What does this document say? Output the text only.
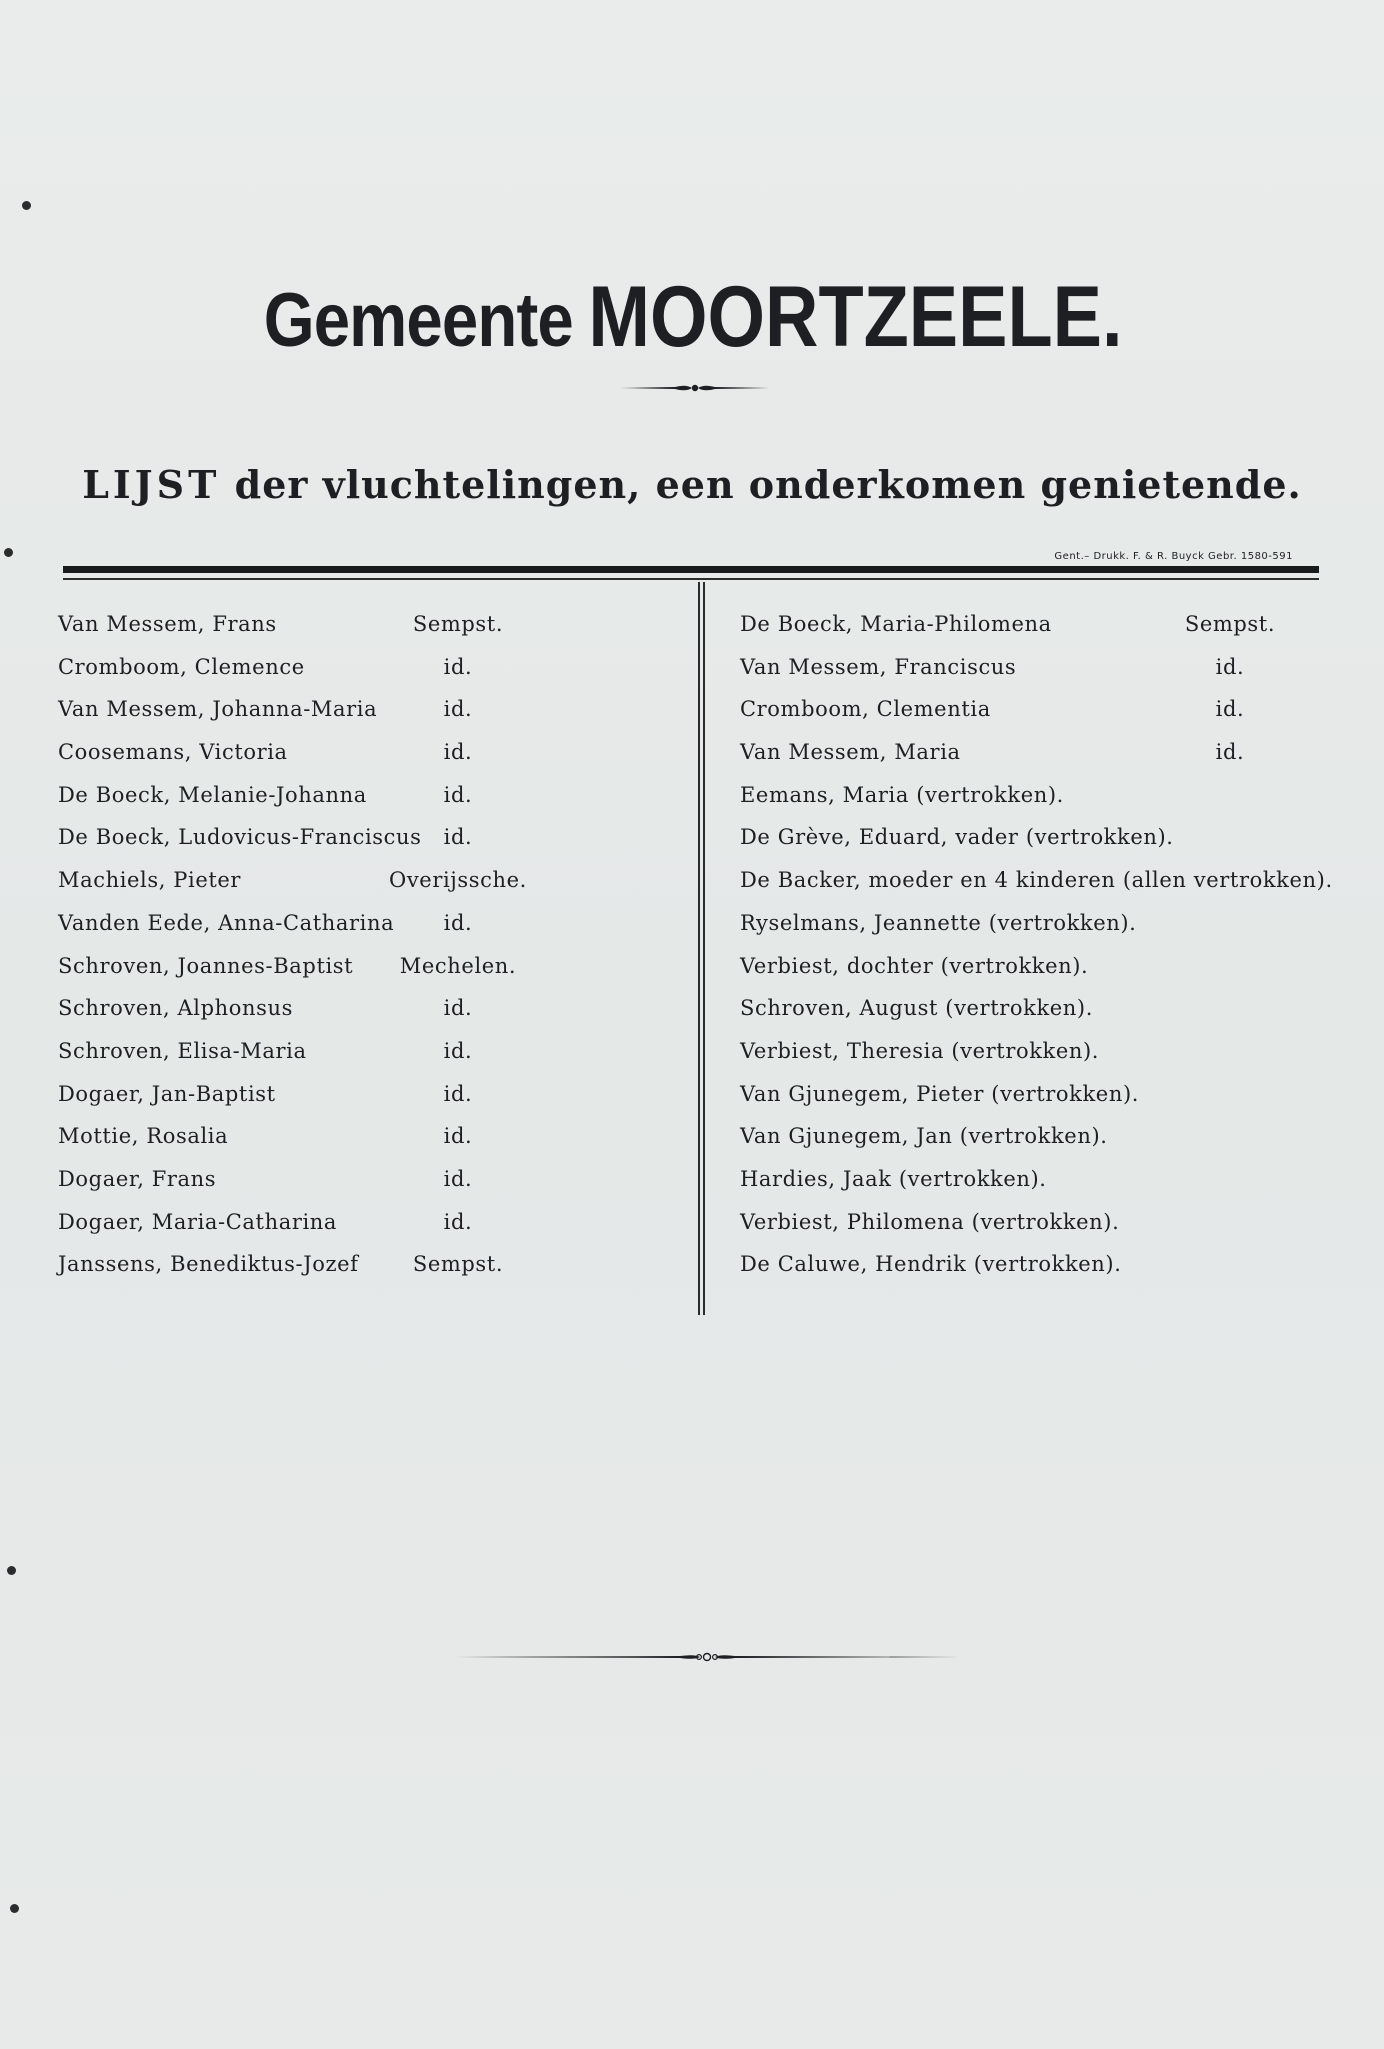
Gemeente MOORTZEELE.
LIJST der vluchtelingen, een onderkomen genietende.
Gent.– Drukk. F. & R. Buyck Gebr. 1580-591
Van Messem, Frans	Sempst.
Cromboom, Clemence	id.
Van Messem, Johanna-Maria	id.
Coosemans, Victoria	id.
De Boeck, Melanie-Johanna	id.
De Boeck, Ludovicus-Franciscus	id.
Machiels, Pieter	Overijssche.
Vanden Eede, Anna-Catharina	id.
Schroven, Joannes-Baptist	Mechelen.
Schroven, Alphonsus	id.
Schroven, Elisa-Maria	id.
Dogaer, Jan-Baptist	id.
Mottie, Rosalia	id.
Dogaer, Frans	id.
Dogaer, Maria-Catharina	id.
Janssens, Benediktus-Jozef	Sempst.
De Boeck, Maria-Philomena	Sempst.
Van Messem, Franciscus	id.
Cromboom, Clementia	id.
Van Messem, Maria	id.
Eemans, Maria (vertrokken).
De Grève, Eduard, vader (vertrokken).
De Backer, moeder en 4 kinderen (allen vertrokken).
Ryselmans, Jeannette (vertrokken).
Verbiest, dochter (vertrokken).
Schroven, August (vertrokken).
Verbiest, Theresia (vertrokken).
Van Gjunegem, Pieter (vertrokken).
Van Gjunegem, Jan (vertrokken).
Hardies, Jaak (vertrokken).
Verbiest, Philomena (vertrokken).
De Caluwe, Hendrik (vertrokken).
